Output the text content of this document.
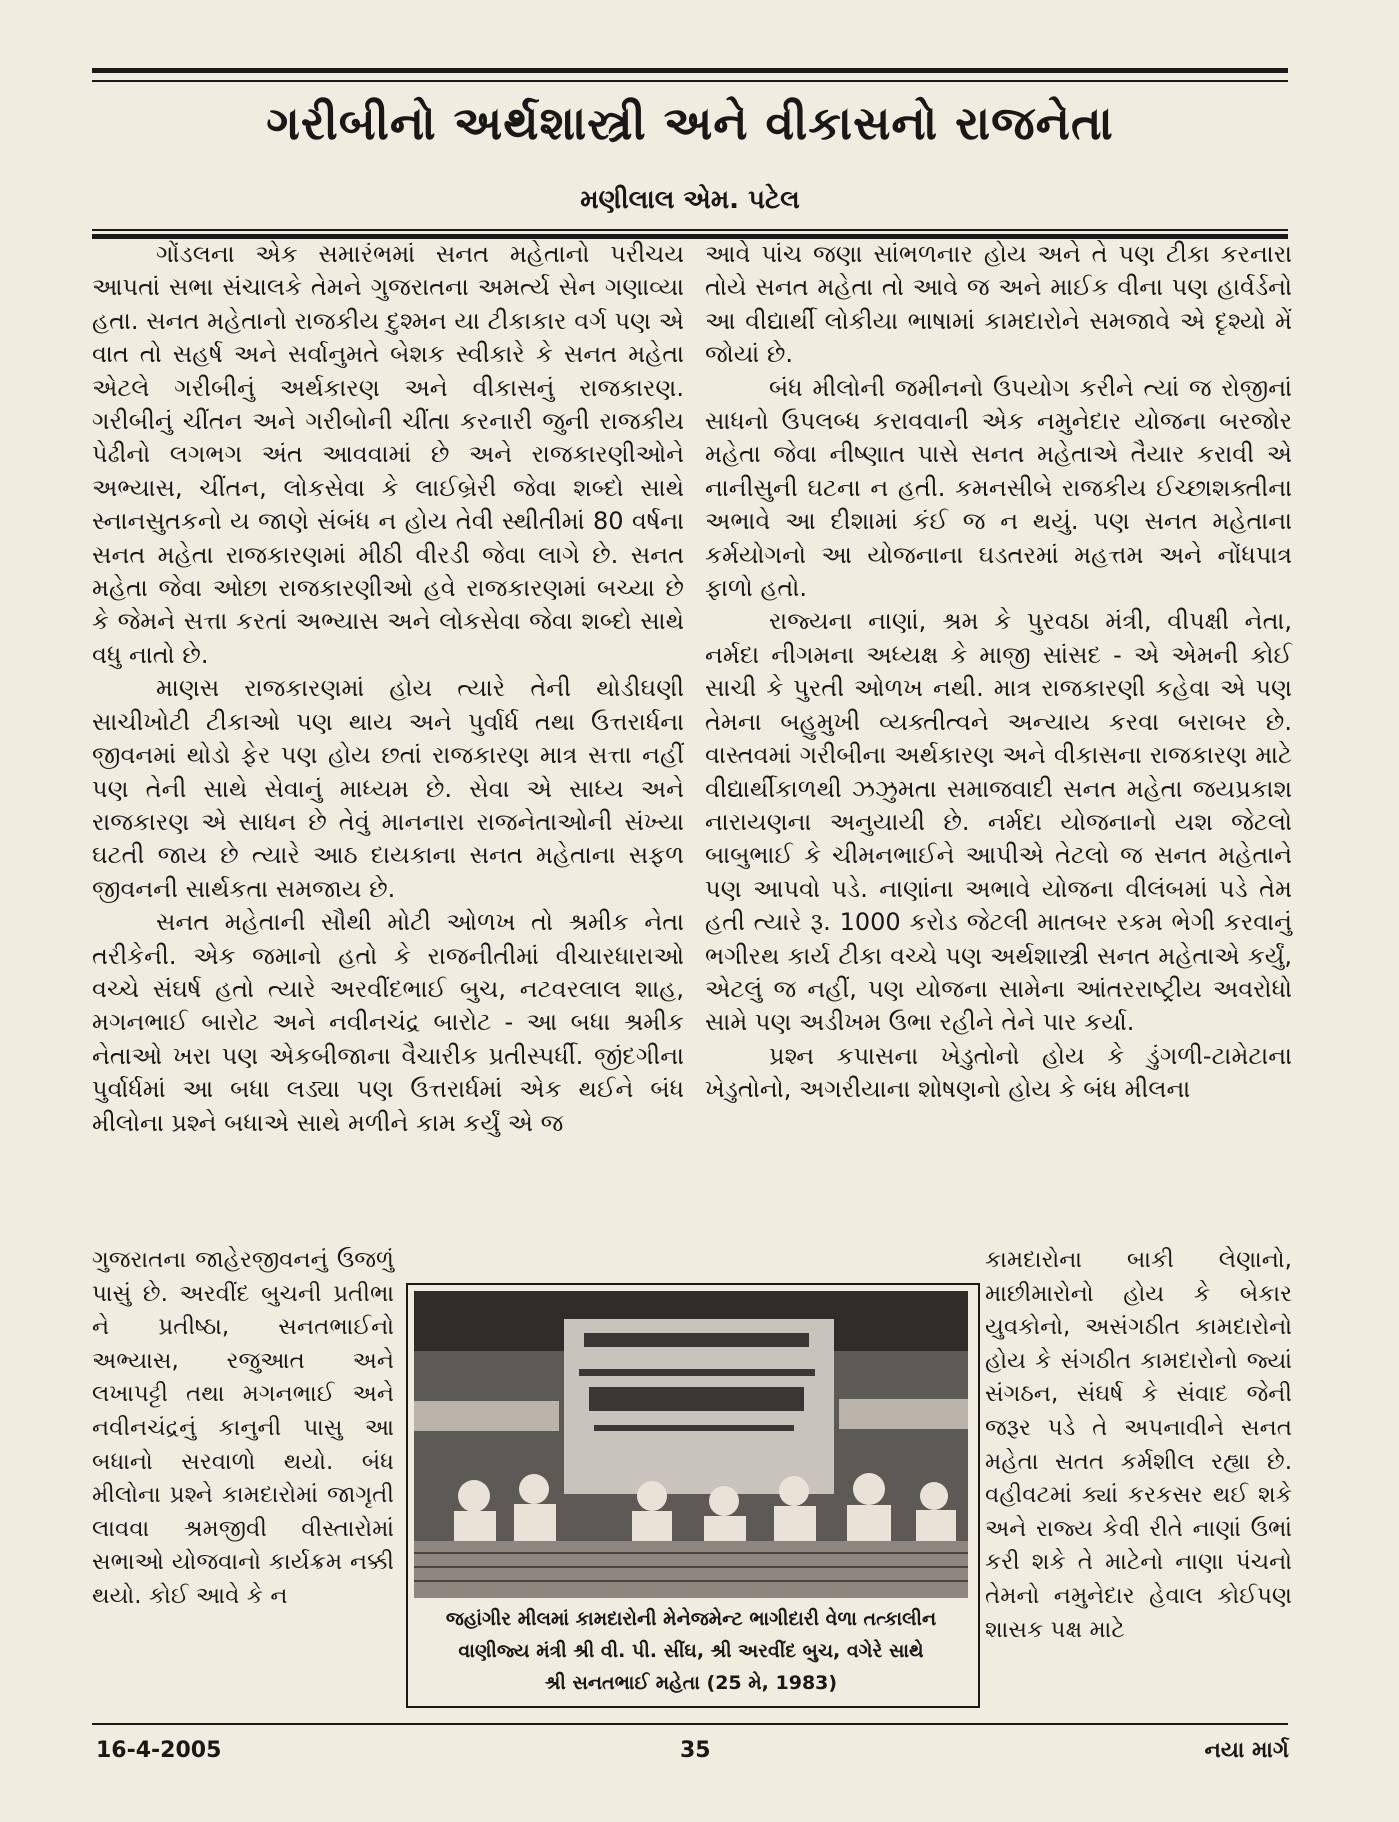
ગરીબીનો અર્થશાસ્ત્રી અને વીકાસનો રાજનેતા
મણીલાલ એમ. પટેલ

ગોંડલના એક સમારંભમાં સનત મહેતાનો પરીચય આપતાં સભા સંચાલકે તેમને ગુજરાતના અમર્ત્ય સેન ગણાવ્યા હતા. સનત મહેતાનો રાજકીય દુશ્મન યા ટીકાકાર વર્ગ પણ એ વાત તો સહર્ષ અને સર્વાનુમતે બેશક સ્વીકારે કે સનત મહેતા એટલે ગરીબીનું અર્થકારણ અને વીકાસનું રાજકારણ. ગરીબીનું ચીંતન અને ગરીબોની ચીંતા કરનારી જુની રાજકીય પેઢીનો લગભગ અંત આવવામાં છે અને રાજકારણીઓને અભ્યાસ, ચીંતન, લોકસેવા કે લાઈબ્રેરી જેવા શબ્દો સાથે સ્નાનસુતકનો ય જાણે સંબંધ ન હોય તેવી સ્થીતીમાં 80 વર્ષના સનત મહેતા રાજકારણમાં મીઠી વીરડી જેવા લાગે છે. સનત મહેતા જેવા ઓછા રાજકારણીઓ હવે રાજકારણમાં બચ્યા છે કે જેમને સત્તા કરતાં અભ્યાસ અને લોકસેવા જેવા શબ્દો સાથે વધુ નાતો છે.

માણસ રાજકારણમાં હોય ત્યારે તેની થોડીઘણી સાચીખોટી ટીકાઓ પણ થાય અને પુર્વાર્ધ તથા ઉત્તરાર્ધના જીવનમાં થોડો ફેર પણ હોય છતાં રાજકારણ માત્ર સત્તા નહીં પણ તેની સાથે સેવાનું માધ્યમ છે. સેવા એ સાધ્ય અને રાજકારણ એ સાધન છે તેવું માનનારા રાજનેતાઓની સંખ્યા ઘટતી જાય છે ત્યારે આઠ દાયકાના સનત મહેતાના સફળ જીવનની સાર્થકતા સમજાય છે.

સનત મહેતાની સૌથી મોટી ઓળખ તો શ્રમીક નેતા તરીકેની. એક જમાનો હતો કે રાજનીતીમાં વીચારધારાઓ વચ્ચે સંઘર્ષ હતો ત્યારે અરવીંદભાઈ બુચ, નટવરલાલ શાહ, મગનભાઈ બારોટ અને નવીનચંદ્ર બારોટ - આ બધા શ્રમીક નેતાઓ ખરા પણ એકબીજાના વૈચારીક પ્રતીસ્પર્ધી. જીંદગીના પુર્વાર્ધમાં આ બધા લડ્યા પણ ઉત્તરાર્ધમાં એક થઈને બંધ મીલોના પ્રશ્ને બધાએ સાથે મળીને કામ કર્યું એ જ

આવે પાંચ જણા સાંભળનાર હોય અને તે પણ ટીકા કરનારા તોયે સનત મહેતા તો આવે જ અને માઈક વીના પણ હાર્વર્ડનો આ વીદ્યાર્થી લોકીયા ભાષામાં કામદારોને સમજાવે એ દૃશ્યો મેં જોયાં છે.

બંધ મીલોની જમીનનો ઉપયોગ કરીને ત્યાં જ રોજીનાં સાધનો ઉપલબ્ધ કરાવવાની એક નમુનેદાર યોજના બરજોર મહેતા જેવા નીષ્ણાત પાસે સનત મહેતાએ તૈયાર કરાવી એ નાનીસુની ઘટના ન હતી. કમનસીબે રાજકીય ઈચ્છાશક્તીના અભાવે આ દીશામાં કંઈ જ ન થયું. પણ સનત મહેતાના કર્મયોગનો આ યોજનાના ઘડતરમાં મહત્તમ અને નોંધપાત્ર ફાળો હતો.

રાજ્યના નાણાં, શ્રમ કે પુરવઠા મંત્રી, વીપક્ષી નેતા, નર્મદા નીગમના અધ્યક્ષ કે માજી સાંસદ - એ એમની કોઈ સાચી કે પુરતી ઓળખ નથી. માત્ર રાજકારણી કહેવા એ પણ તેમના બહુમુખી વ્યક્તીત્વને અન્યાય કરવા બરાબર છે. વાસ્તવમાં ગરીબીના અર્થકારણ અને વીકાસના રાજકારણ માટે વીદ્યાર્થીકાળથી ઝઝુમતા સમાજવાદી સનત મહેતા જયપ્રકાશ નારાયણના અનુયાયી છે. નર્મદા યોજનાનો યશ જેટલો બાબુભાઈ કે ચીમનભાઈને આપીએ તેટલો જ સનત મહેતાને પણ આપવો પડે. નાણાંના અભાવે યોજના વીલંબમાં પડે તેમ હતી ત્યારે રૂ. 1000 કરોડ જેટલી માતબર રકમ ભેગી કરવાનું ભગીરથ કાર્ય ટીકા વચ્ચે પણ અર્થશાસ્ત્રી સનત મહેતાએ કર્યું, એટલું જ નહીં, પણ યોજના સામેના આંતરરાષ્ટ્રીય અવરોધો સામે પણ અડીખમ ઉભા રહીને તેને પાર કર્યા.

પ્રશ્ન કપાસના ખેડુતોનો હોય કે ડુંગળી-ટામેટાના ખેડુતોનો, અગરીયાના શોષણનો હોય કે બંધ મીલના

ગુજરાતના જાહેરજીવનનું ઉજળું પાસું છે. અરવીંદ બુચની પ્રતીભા ને પ્રતીષ્ઠા, સનતભાઈનો અભ્યાસ, રજુઆત અને લખાપટ્ટી તથા મગનભાઈ અને નવીનચંદ્રનું કાનુની પાસુ આ બધાનો સરવાળો થયો. બંધ મીલોના પ્રશ્ને કામદારોમાં જાગૃતી લાવવા શ્રમજીવી વીસ્તારોમાં સભાઓ યોજવાનો કાર્યક્રમ નક્કી થયો. કોઈ આવે કે ન

કામદારોના બાકી લેણાનો, માછીમારોનો હોય કે બેકાર યુવકોનો, અસંગઠીત કામદારોનો હોય કે સંગઠીત કામદારોનો જ્યાં સંગઠન, સંઘર્ષ કે સંવાદ જેની જરૂર પડે તે અપનાવીને સનત મહેતા સતત કર્મશીલ રહ્યા છે. વહીવટમાં ક્યાં કરકસર થઈ શકે અને રાજ્ય કેવી રીતે નાણાં ઉભાં કરી શકે તે માટેનો નાણા પંચનો તેમનો નમુનેદાર હેવાલ કોઈપણ શાસક પક્ષ માટે

જહાંગીર મીલમાં કામદારોની મેનેજમેન્ટ ભાગીદારી વેળા તત્કાલીન
વાણીજ્ય મંત્રી શ્રી વી. પી. સીંઘ, શ્રી અરવીંદ બુચ, વગેરે સાથે
શ્રી સનતભાઈ મહેતા (25 મે, 1983)
16-4-2005	35	નયા માર્ગ
